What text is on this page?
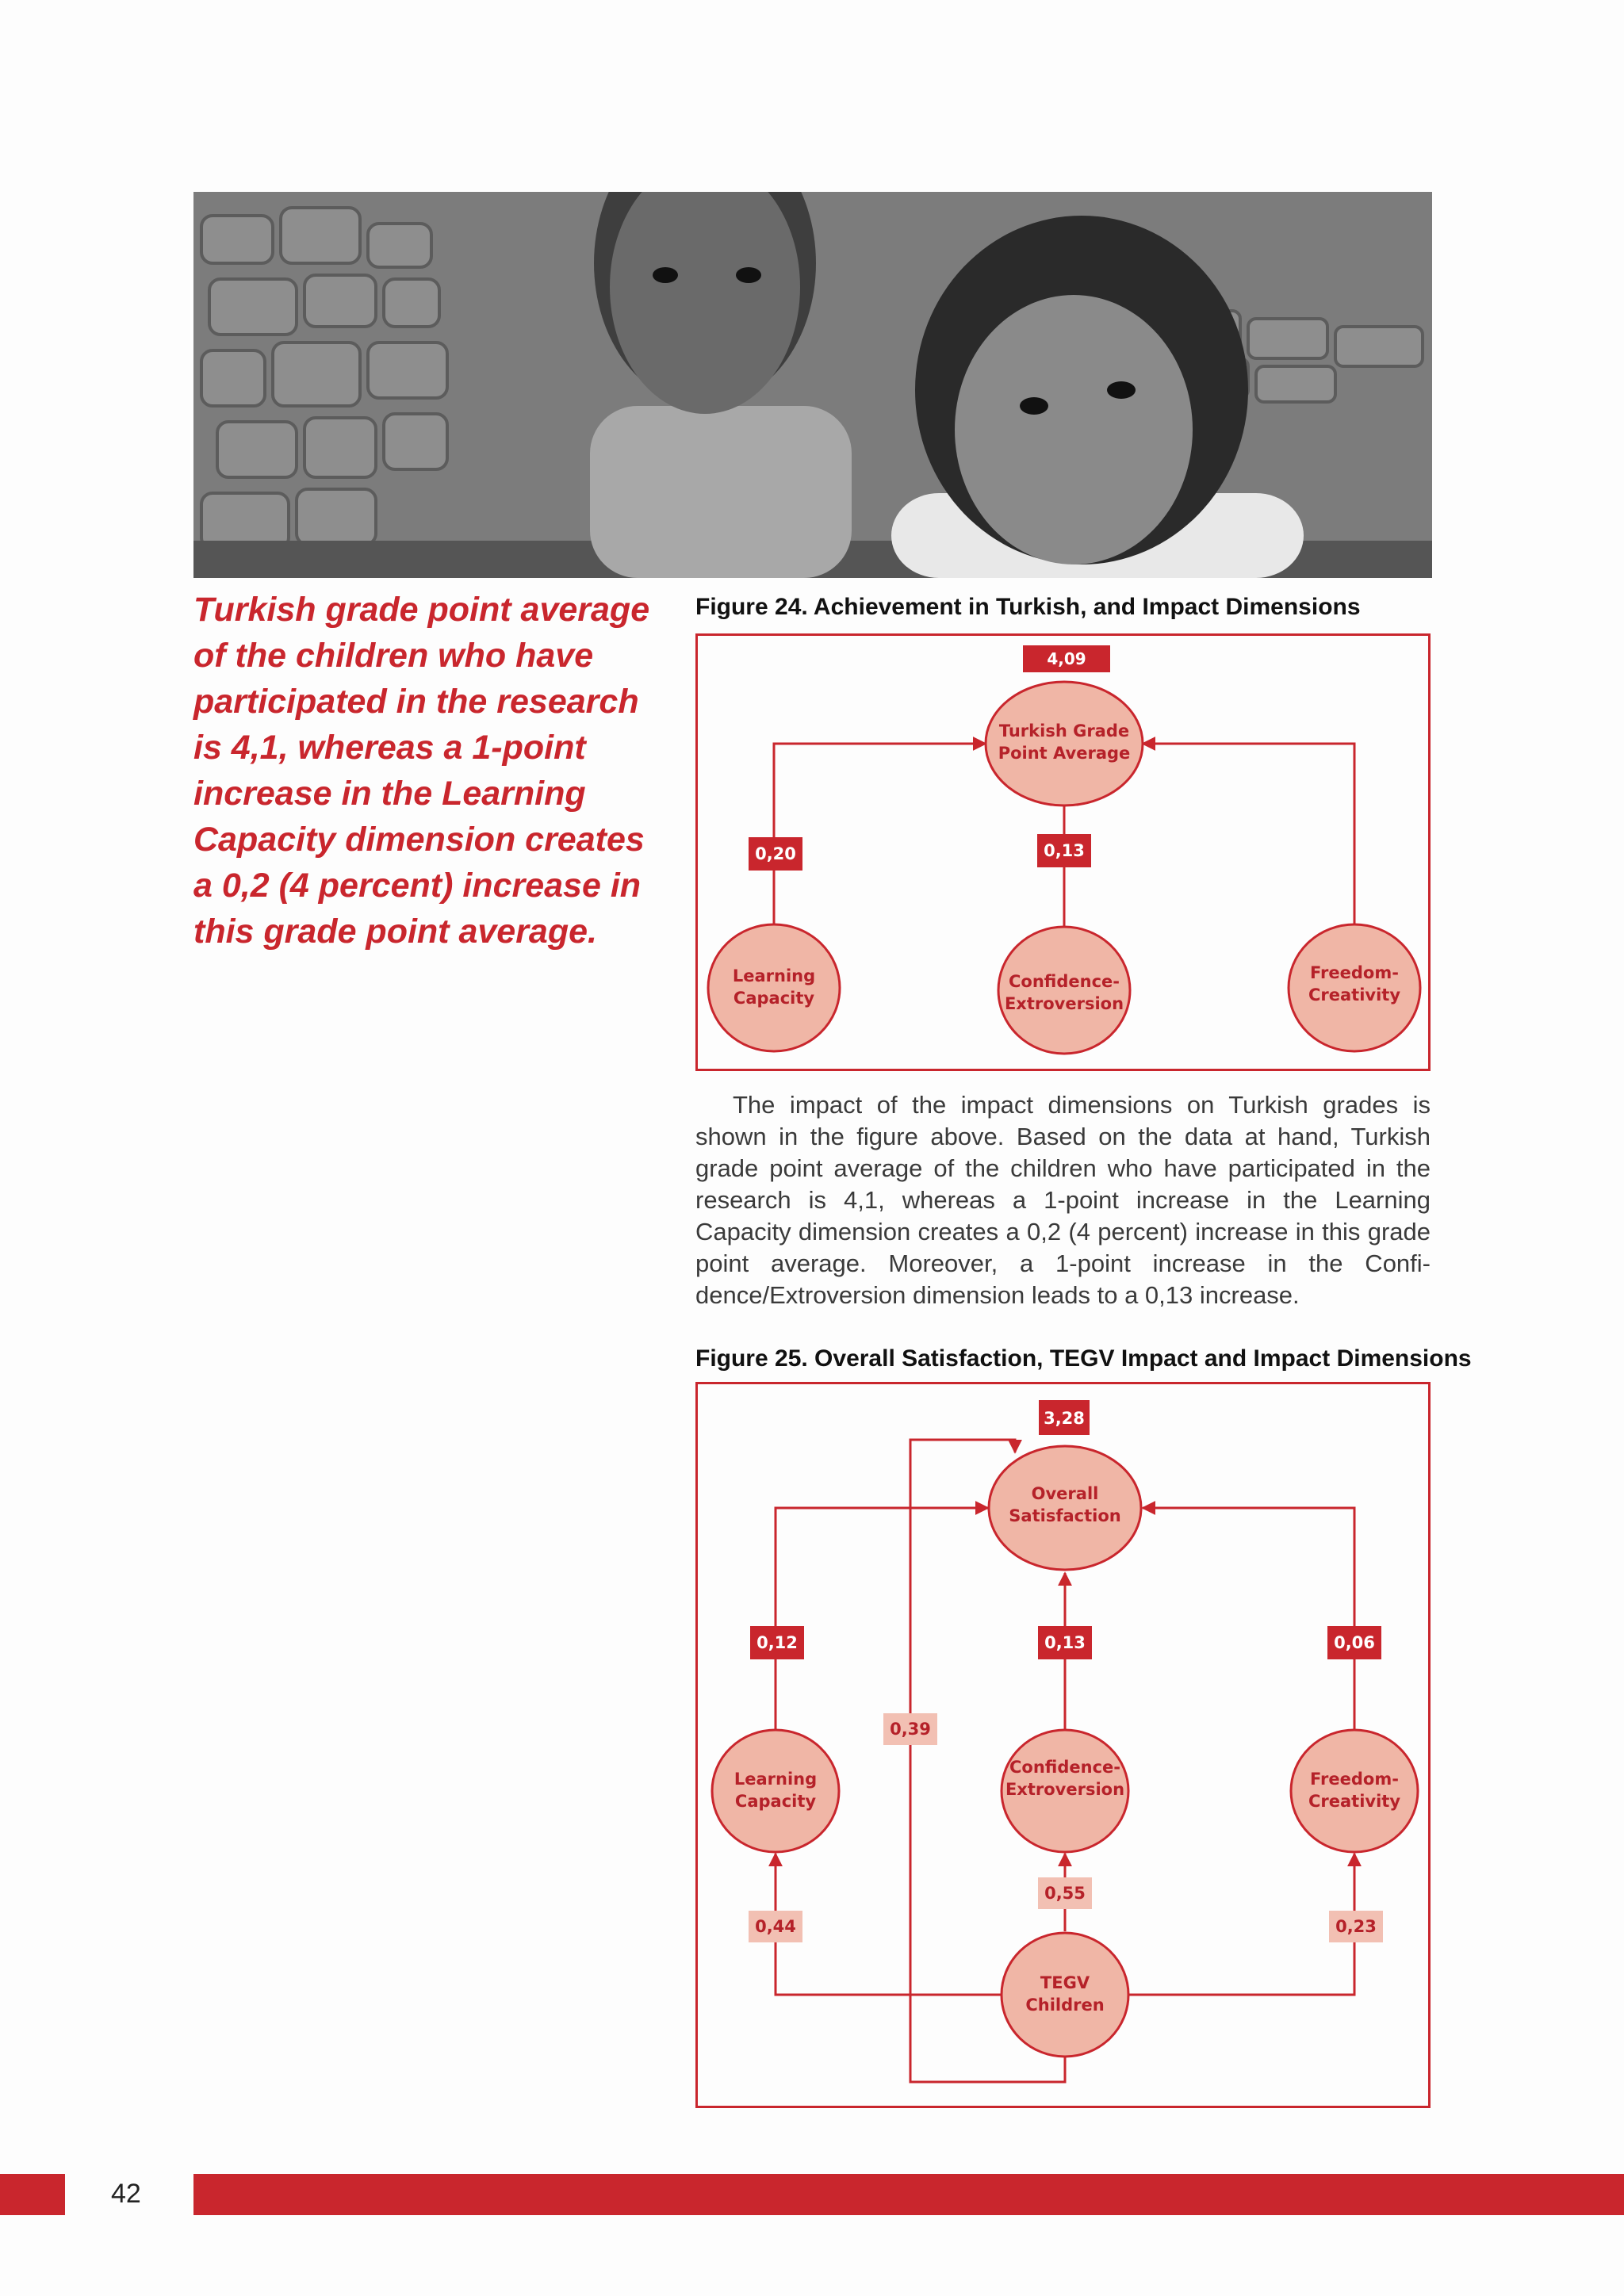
Turkish grade point average of the children who have participated in the research is 4,1, whereas a 1-point increase in the Learning Capacity dimension creates a 0,2 (4 percent) increase in this grade point average.
Figure 24. Achievement in Turkish, and Impact Dimensions
4,09
Turkish Grade
Point Average
0,20	0,13
Learning
Capacity
Confidence-
Extroversion
Freedom-
Creativity
The impact of the impact dimensions on Turkish grades is shown in the figure above. Based on the data at hand, Turkish grade point average of the children who have participated in the research is 4,1, whereas a 1-point increase in the Learning Capacity dimension creates a 0,2 (4 percent) increase in this grade point average. Moreover, a 1-point increase in the Confi-dence/Extroversion dimension leads to a 0,13 increase.
Figure 25. Overall Satisfaction, TEGV Impact and Impact Dimensions
3,28
Overall
Satisfaction
0,12	0,13	0,06
0,39
0,44
0,55
0,23
Learning
Capacity
Confidence-
Extroversion
Freedom-
Creativity
TEGV
Children
42
